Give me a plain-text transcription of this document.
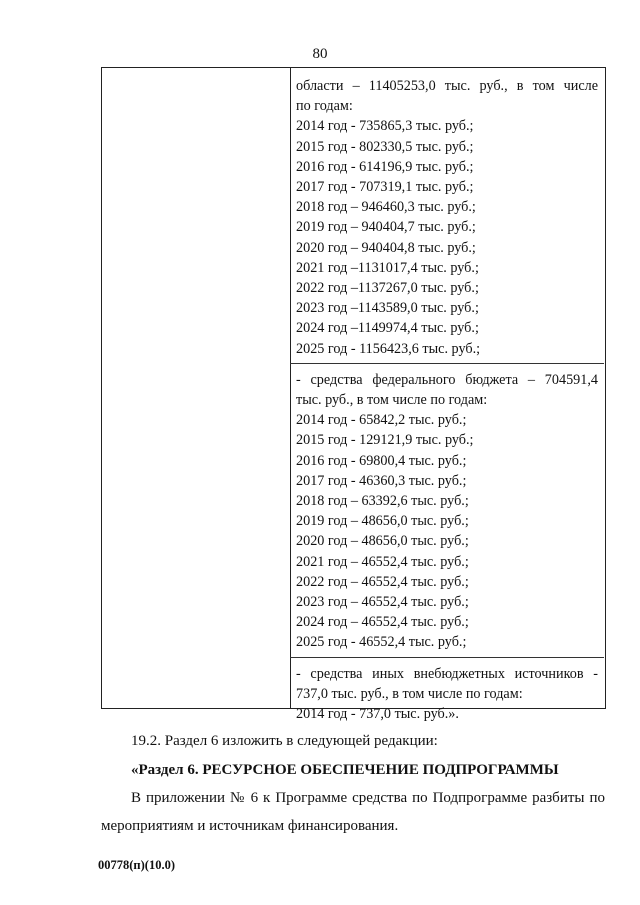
80
области – 11405253,0 тыс. руб., в том числе
по годам:
2014 год - 735865,3 тыс. руб.;
2015 год - 802330,5 тыс. руб.;
2016 год - 614196,9 тыс. руб.;
2017 год - 707319,1 тыс. руб.;
2018 год – 946460,3 тыс. руб.;
2019 год – 940404,7 тыс. руб.;
2020 год – 940404,8 тыс. руб.;
2021 год –1131017,4 тыс. руб.;
2022 год –1137267,0 тыс. руб.;
2023 год –1143589,0 тыс. руб.;
2024 год –1149974,4 тыс. руб.;
2025 год - 1156423,6 тыс. руб.;
- средства федерального бюджета – 704591,4
тыс. руб., в том числе по годам:
2014 год - 65842,2 тыс. руб.;
2015 год - 129121,9 тыс. руб.;
2016 год - 69800,4 тыс. руб.;
2017 год - 46360,3 тыс. руб.;
2018 год – 63392,6 тыс. руб.;
2019 год – 48656,0 тыс. руб.;
2020 год – 48656,0 тыс. руб.;
2021 год – 46552,4 тыс. руб.;
2022 год – 46552,4 тыс. руб.;
2023 год – 46552,4 тыс. руб.;
2024 год – 46552,4 тыс. руб.;
2025 год - 46552,4 тыс. руб.;
- средства иных внебюджетных источников -
737,0 тыс. руб., в том числе по годам:
2014 год - 737,0 тыс. руб.».
19.2. Раздел 6 изложить в следующей редакции:
«Раздел 6. РЕСУРСНОЕ ОБЕСПЕЧЕНИЕ ПОДПРОГРАММЫ
В приложении № 6 к Программе средства по Подпрограмме разбиты по
мероприятиям и источникам финансирования.
00778(п)(10.0)
